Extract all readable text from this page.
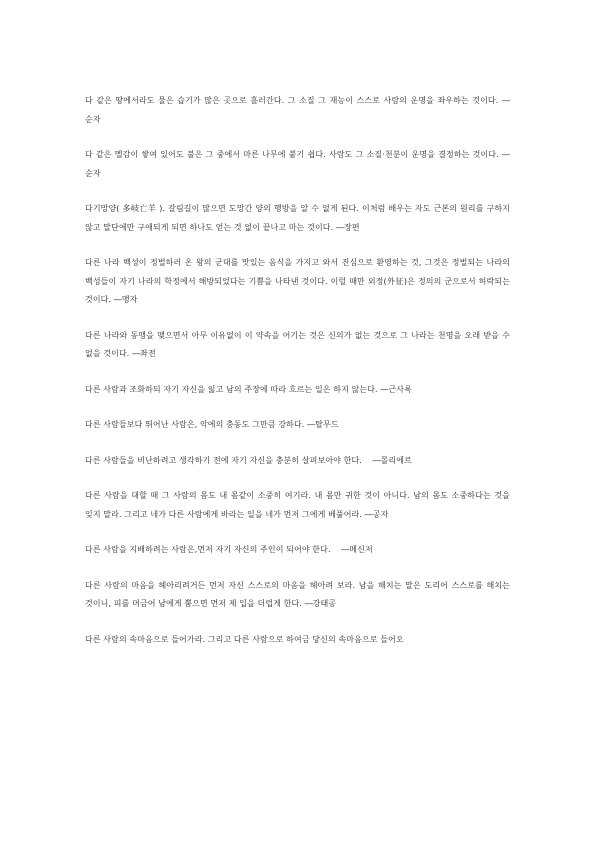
다 같은 땅에서라도 물은 습기가 많은 곳으로 흘러간다. 그 소질 그 재능이 스스로 사람의 운명을 좌우하는 것이다. ―순자

다 같은 멜감이 쌓여 있어도 불은 그 중에서 마른 나무에 붙기 쉽다. 사람도 그 소질·천분이 운명을 결정하는 것이다. ―순자

다기망양( 多岐亡羊 ). 갈림길이 많으면 도망간 양의 행방을 알 수 없게 된다. 이처럼 배우는 자도 근본의 원리를 구하지 않고 말단에만 구애되게 되면 하나도 얻는 것 없이 끝나고 마는 것이다. ―장편

다른 나라 백성이 정벌하러 온 왕의 군대를 맛있는 음식을 가지고 와서 진심으로 환영하는 것, 그것은 정벌되는 나라의 백성들이 자기 나라의 학정에서 해방되었다는 기쁨을 나타낸 것이다. 이럴 때만 외정(外征)은 정의의 군으로서 허락되는 것이다. ―맹자

다른 나라와 동맹을 맺으면서 아무 이유없이 이 약속을 어기는 것은 신의가 없는 것으로 그 나라는 천명을 오래 받을 수 없을 것이다. ―좌전

다른 사람과 조화하되 자기 자신을 잃고 남의 주장에 따라 흐르는 일은 하지 않는다. ―근사록

다른 사람들보다 뛰어난 사람은, 악에의 충동도 그만큼 강하다. ―탈무드

다른 사람들을 비난하려고 생각하기 전에 자기 자신을 충분히 살펴보아야 한다.    ―몰리에르

다른 사람을 대할 때 그 사람의 몸도 내 몸같이 소중히 여기라. 내 몸만 귀한 것이 아니다. 남의 몸도 소중하다는 것을 잊지 말라. 그리고 네가 다른 사람에게 바라는 일을 네가 먼저 그에게 베풀어라. ―공자

다른 사람을 지배하려는 사람은,먼저 자기 자신의 주인이 되어야 한다.    ―메신저

다른 사람의 마음을 헤아리려거든 먼저 자신 스스로의 마음을 헤아려 보라. 남을 해치는 말은 도리어 스스로를 해치는 것이니, 피를 머금어 남에게 뿜으면 먼저 제 입을 더럽게 한다. ―강태공

다른 사람의 속마음으로 들어가라. 그리고 다른 사람으로 하여금 당신의 속마음으로 들어오
